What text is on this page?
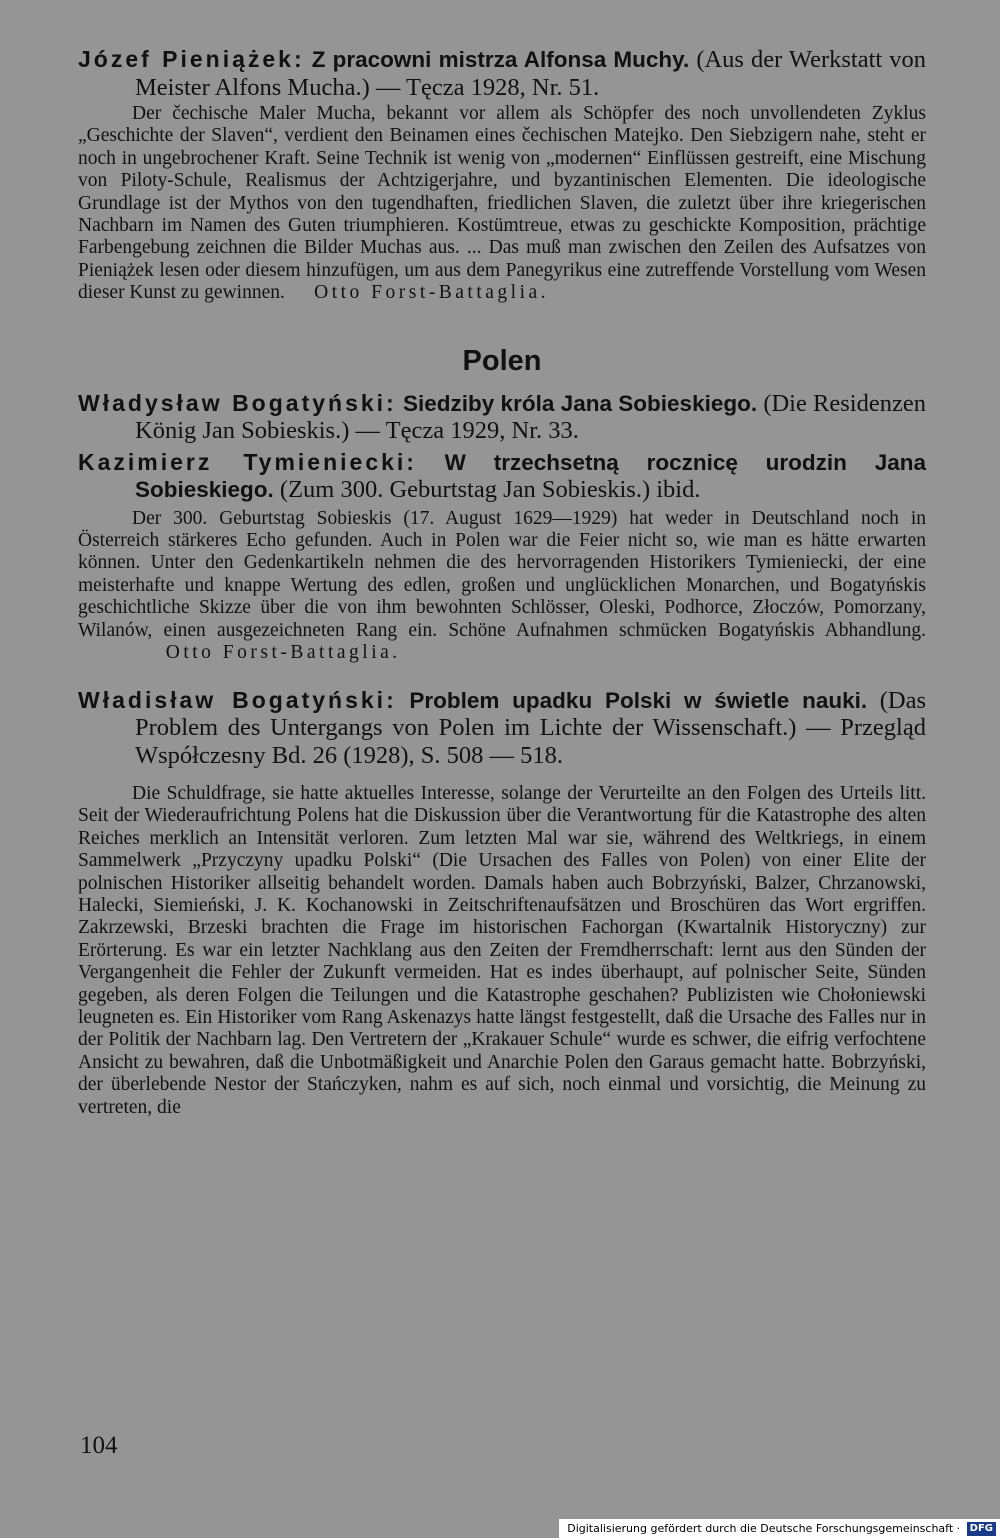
Józef Pieniążek: Z pracowni mistrza Alfonsa Muchy. (Aus der Werkstatt von Meister Alfons Mucha.) — Tęcza 1928, Nr. 51.

Der čechische Maler Mucha, bekannt vor allem als Schöpfer des noch unvollendeten Zyklus „Geschichte der Slaven“, verdient den Beinamen eines čechischen Matejko. Den Siebzigern nahe, steht er noch in ungebrochener Kraft. Seine Technik ist wenig von „modernen“ Einflüssen gestreift, eine Mischung von Piloty-Schule, Realismus der Achtzigerjahre, und byzantinischen Elementen. Die ideologische Grundlage ist der Mythos von den tugendhaften, friedlichen Slaven, die zuletzt über ihre kriegerischen Nachbarn im Namen des Guten triumphieren. Kostümtreue, etwas zu geschickte Komposition, prächtige Farbengebung zeichnen die Bilder Muchas aus. ... Das muß man zwischen den Zeilen des Aufsatzes von Pieniążek lesen oder diesem hinzufügen, um aus dem Panegyrikus eine zutreffende Vorstellung vom Wesen dieser Kunst zu gewinnen. Otto Forst-Battaglia.

Polen

Władysław Bogatyński: Siedziby króla Jana Sobieskiego. (Die Residenzen König Jan Sobieskis.) — Tęcza 1929, Nr. 33.

Kazimierz Tymieniecki: W trzechsetną rocznicę urodzin Jana Sobieskiego. (Zum 300. Geburtstag Jan Sobieskis.) ibid.

Der 300. Geburtstag Sobieskis (17. August 1629—1929) hat weder in Deutschland noch in Österreich stärkeres Echo gefunden. Auch in Polen war die Feier nicht so, wie man es hätte erwarten können. Unter den Gedenkartikeln nehmen die des hervorragenden Historikers Tymieniecki, der eine meisterhafte und knappe Wertung des edlen, großen und unglücklichen Monarchen, und Bogatyńskis geschichtliche Skizze über die von ihm bewohnten Schlösser, Oleski, Podhorce, Złoczów, Pomorzany, Wilanów, einen ausgezeichneten Rang ein. Schöne Aufnahmen schmücken Bogatyńskis Abhandlung.                   Otto Forst-Battaglia.

Władisław Bogatyński: Problem upadku Polski w świetle nauki. (Das Problem des Untergangs von Polen im Lichte der Wissenschaft.) — Przegląd Współczesny Bd. 26 (1928), S. 508 — 518.

Die Schuldfrage, sie hatte aktuelles Interesse, solange der Verurteilte an den Folgen des Urteils litt. Seit der Wiederaufrichtung Polens hat die Diskussion über die Verantwortung für die Katastrophe des alten Reiches merklich an Intensität verloren. Zum letzten Mal war sie, während des Weltkriegs, in einem Sammelwerk „Przyczyny upadku Polski“ (Die Ursachen des Falles von Polen) von einer Elite der polnischen Historiker allseitig behandelt worden. Damals haben auch Bobrzyński, Balzer, Chrzanowski, Halecki, Siemieński, J. K. Kochanowski in Zeitschriftenaufsätzen und Broschüren das Wort ergriffen. Zakrzewski, Brzeski brachten die Frage im historischen Fachorgan (Kwartalnik Historyczny) zur Erörterung. Es war ein letzter Nachklang aus den Zeiten der Fremdherrschaft: lernt aus den Sünden der Vergangenheit die Fehler der Zukunft vermeiden. Hat es indes überhaupt, auf polnischer Seite, Sünden gegeben, als deren Folgen die Teilungen und die Katastrophe geschahen? Publizisten wie Chołoniewski leugneten es. Ein Historiker vom Rang Askenazys hatte längst festgestellt, daß die Ursache des Falles nur in der Politik der Nachbarn lag. Den Vertretern der „Krakauer Schule“ wurde es schwer, die eifrig verfochtene Ansicht zu bewahren, daß die Unbotmäßigkeit und Anarchie Polen den Garaus gemacht hatte. Bobrzyński, der überlebende Nestor der Stańczyken, nahm es auf sich, noch einmal und vorsichtig, die Meinung zu vertreten, die

104
Digitalisierung gefördert durch die Deutsche Forschungsgemeinschaft · DFG
